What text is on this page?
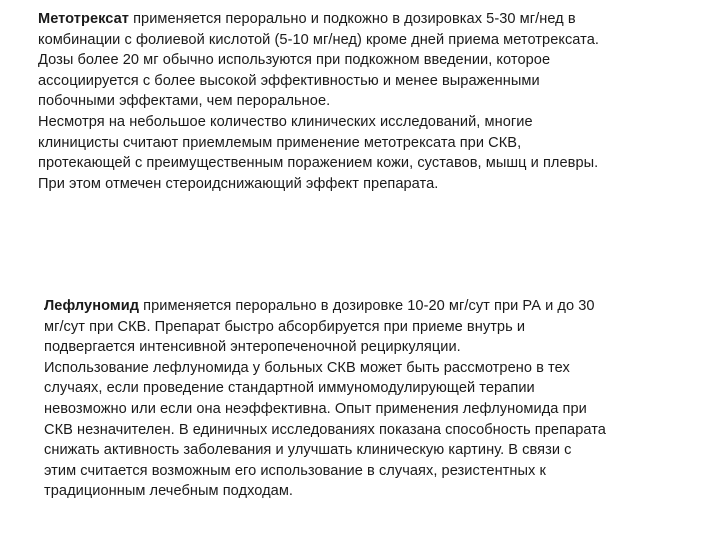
Метотрексат применяется перорально и подкожно в дозировках 5-30 мг/нед в

комбинации с фолиевой кислотой (5-10 мг/нед) кроме дней приема метотрексата.

Дозы более 20 мг обычно используются при подкожном введении, которое

ассоциируется с более высокой эффективностью и менее выраженными

побочными эффектами, чем пероральное.

Несмотря на небольшое количество клинических исследований, многие

клиницисты считают приемлемым применение метотрексата при СКВ,

протекающей с преимущественным поражением кожи, суставов, мышц и плевры.

При этом отмечен стероидснижающий эффект препарата.

Лефлуномид применяется перорально в дозировке 10-20 мг/сут при РА и до 30

мг/сут при СКВ. Препарат быстро абсорбируется при приеме внутрь и

подвергается интенсивной энтеропеченочной рециркуляции.

Использование лефлуномида у больных СКВ может быть рассмотрено в тех

случаях, если проведение стандартной иммуномодулирующей терапии

невозможно или если она неэффективна. Опыт применения лефлуномида при

СКВ незначителен. В единичных исследованиях показана способность препарата

снижать активность заболевания и улучшать клиническую картину. В связи с

этим считается возможным его использование в случаях, резистентных к

традиционным лечебным подходам.
